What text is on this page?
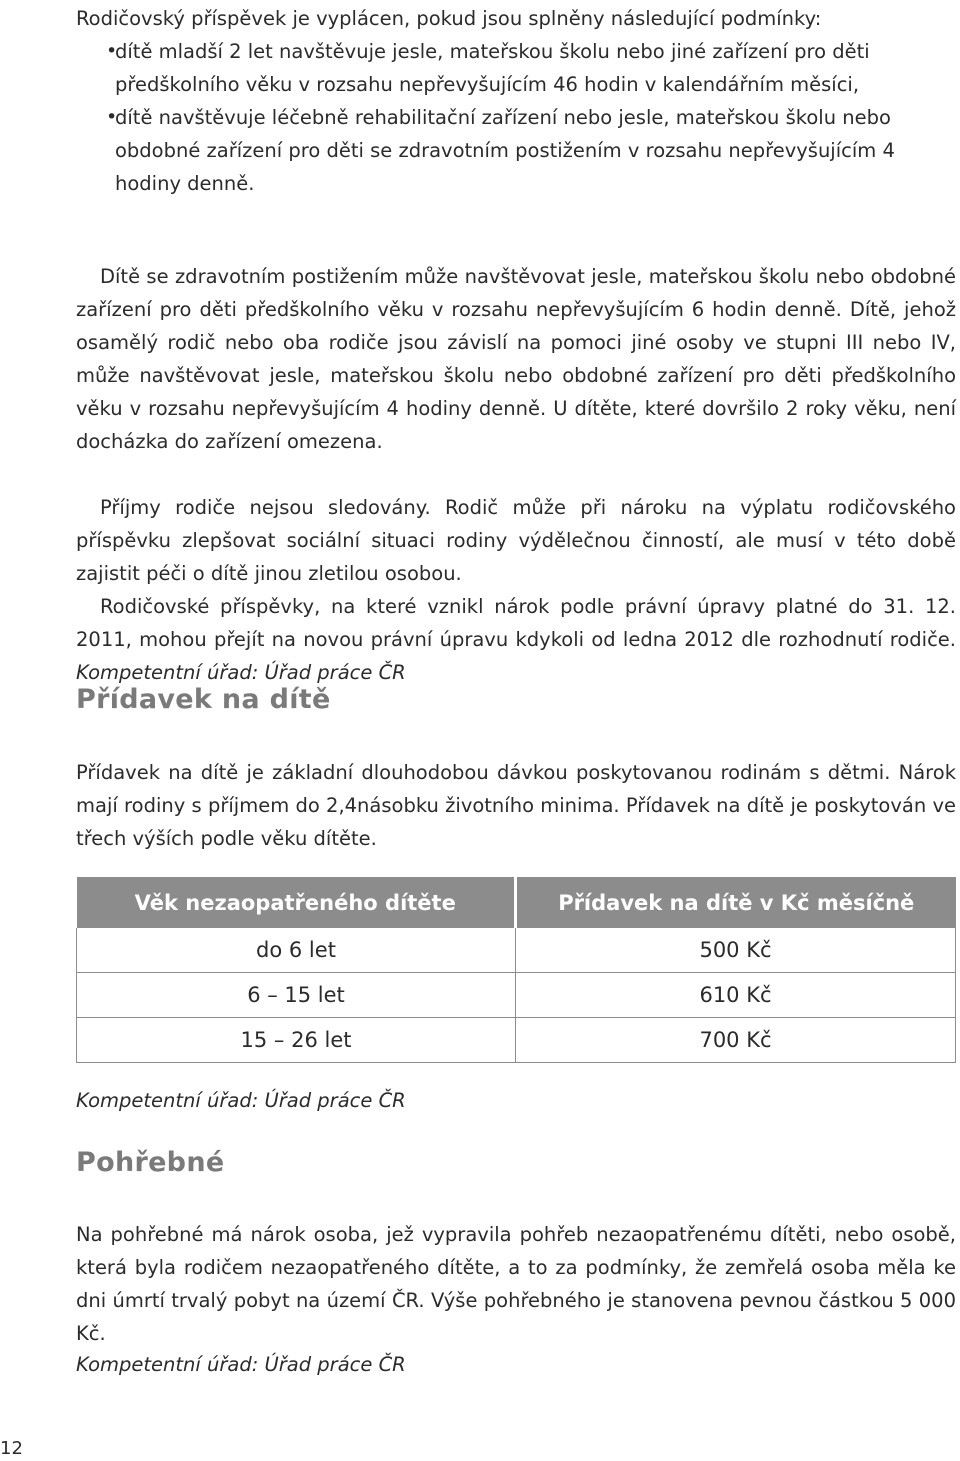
Rodičovský příspěvek je vyplácen, pokud jsou splněny následující podmínky:

• dítě mladší 2 let navštěvuje jesle, mateřskou školu nebo jiné zařízení pro děti předškolního věku v rozsahu nepřevyšujícím 46 hodin v kalendářním měsíci,
• dítě navštěvuje léčebně rehabilitační zařízení nebo jesle, mateřskou školu nebo obdobné zařízení pro děti se zdravotním postižením v rozsahu nepřevyšujícím 4 hodiny denně.

Dítě se zdravotním postižením může navštěvovat jesle, mateřskou školu nebo obdobné zařízení pro děti předškolního věku v rozsahu nepřevyšujícím 6 hodin denně. Dítě, jehož osamělý rodič nebo oba rodiče jsou závislí na pomoci jiné osoby ve stupni III nebo IV, může navštěvovat jesle, mateřskou školu nebo obdobné zařízení pro děti předškolního věku v rozsahu nepřevyšujícím 4 hodiny denně. U dítěte, které dovršilo 2 roky věku, není docházka do zařízení omezena.

Příjmy rodiče nejsou sledovány. Rodič může při nároku na výplatu rodičovského příspěvku zlepšovat sociální situaci rodiny výdělečnou činností, ale musí v této době zajistit péči o dítě jinou zletilou osobou.

Rodičovské příspěvky, na které vznikl nárok podle právní úpravy platné do 31. 12. 2011, mohou přejít na novou právní úpravu kdykoli od ledna 2012 dle rozhodnutí rodiče. Kompetentní úřad: Úřad práce ČR

Přídavek na dítě

Přídavek na dítě je základní dlouhodobou dávkou poskytovanou rodinám s dětmi. Nárok mají rodiny s příjmem do 2,4násobku životního minima. Přídavek na dítě je poskytován ve třech výších podle věku dítěte.

Věk nezaopatřeného dítěte	Přídavek na dítě v Kč měsíčně
do 6 let	500 Kč
6 – 15 let	610 Kč
15 – 26 let	700 Kč

Kompetentní úřad: Úřad práce ČR

Pohřebné

Na pohřebné má nárok osoba, jež vypravila pohřeb nezaopatřenému dítěti, nebo osobě, která byla rodičem nezaopatřeného dítěte, a to za podmínky, že zemřelá osoba měla ke dni úmrtí trvalý pobyt na území ČR. Výše pohřebného je stanovena pevnou částkou 5 000 Kč.

Kompetentní úřad: Úřad práce ČR

12
